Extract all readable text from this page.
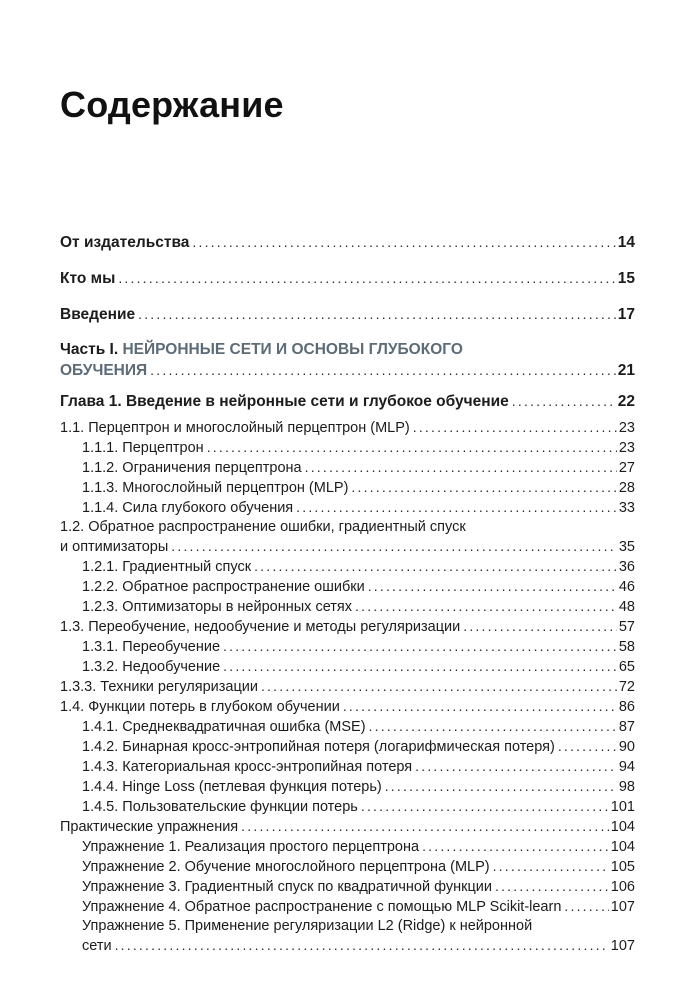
Содержание
От издательства .....	14
Кто мы .....	15
Введение .....	17
Часть I. НЕЙРОННЫЕ СЕТИ И ОСНОВЫ ГЛУБОКОГО
ОБУЧЕНИЯ .....	21
Глава 1. Введение в нейронные сети и глубокое обучение .....	22
1.1. Перцептрон и многослойный перцептрон (MLP) .....	23
1.1.1. Перцептрон .....	23
1.1.2. Ограничения перцептрона .....	27
1.1.3. Многослойный перцептрон (MLP) .....	28
1.1.4. Сила глубокого обучения .....	33
1.2. Обратное распространение ошибки, градиентный спуск
и оптимизаторы .....	35
1.2.1. Градиентный спуск .....	36
1.2.2. Обратное распространение ошибки .....	46
1.2.3. Оптимизаторы в нейронных сетях .....	48
1.3. Переобучение, недообучение и методы регуляризации .....	57
1.3.1. Переобучение .....	58
1.3.2. Недообучение .....	65
1.3.3. Техники регуляризации .....	72
1.4. Функции потерь в глубоком обучении .....	86
1.4.1. Среднеквадратичная ошибка (MSE) .....	87
1.4.2. Бинарная кросс-энтропийная потеря (логарифмическая потеря) .....	90
1.4.3. Категориальная кросс-энтропийная потеря .....	94
1.4.4. Hinge Loss (петлевая функция потерь) .....	98
1.4.5. Пользовательские функции потерь .....	101
Практические упражнения .....	104
Упражнение 1. Реализация простого перцептрона .....	104
Упражнение 2. Обучение многослойного перцептрона (MLP) .....	105
Упражнение 3. Градиентный спуск по квадратичной функции .....	106
Упражнение 4. Обратное распространение с помощью MLP Scikit-learn .....	107
Упражнение 5. Применение регуляризации L2 (Ridge) к нейронной
сети .....	107
